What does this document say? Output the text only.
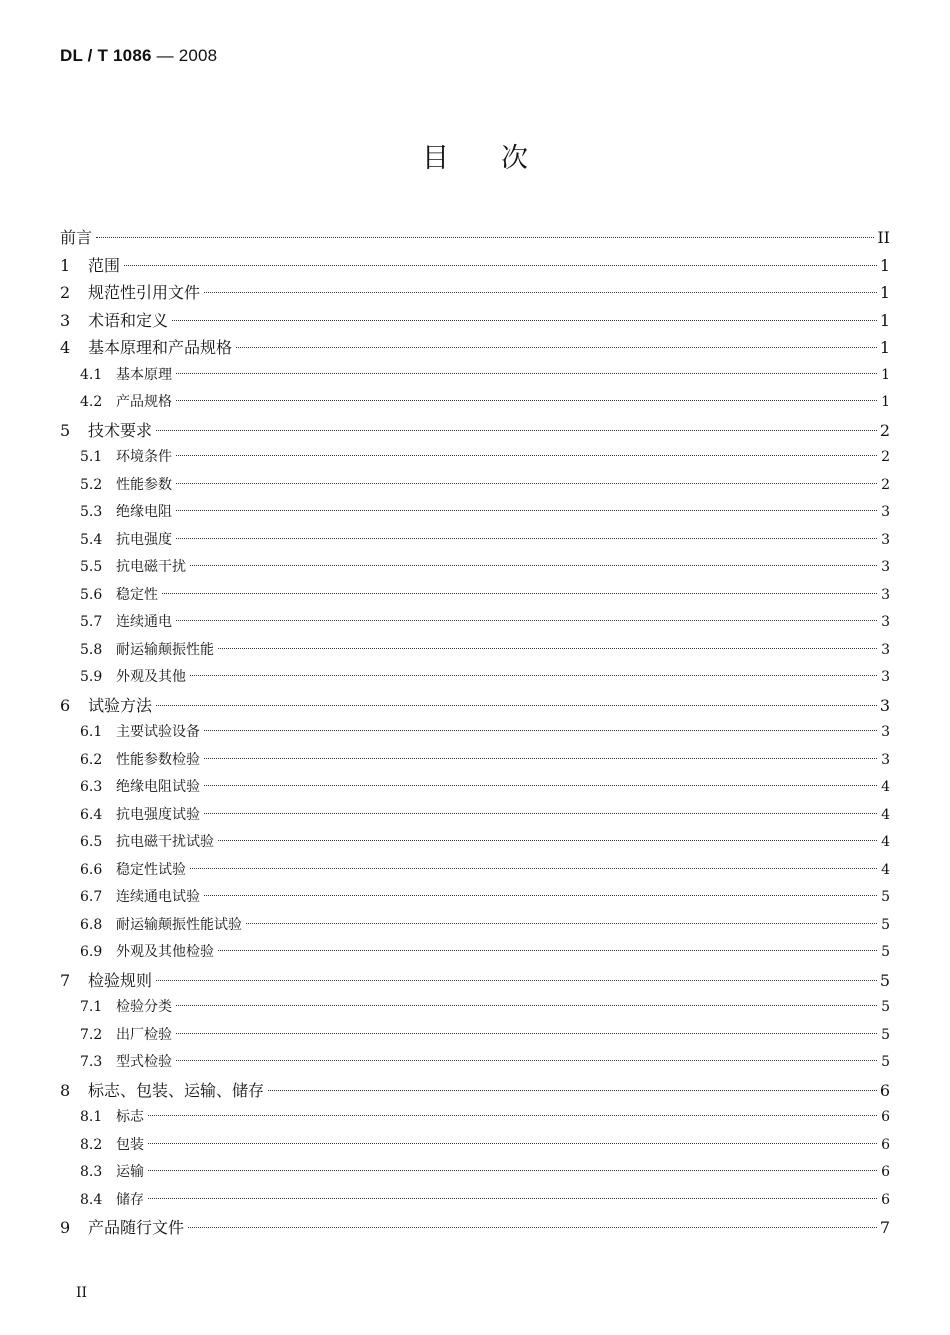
DL / T 1086 — 2008
目次
前言	II
1	范围	1
2	规范性引用文件	1
3	术语和定义	1
4	基本原理和产品规格	1
4.1 基本原理	1
4.2 产品规格	1
5	技术要求	2
5.1 环境条件	2
5.2 性能参数	2
5.3 绝缘电阻	3
5.4 抗电强度	3
5.5 抗电磁干扰	3
5.6 稳定性	3
5.7 连续通电	3
5.8 耐运输颠振性能	3
5.9 外观及其他	3
6	试验方法	3
6.1 主要试验设备	3
6.2 性能参数检验	3
6.3 绝缘电阻试验	4
6.4 抗电强度试验	4
6.5 抗电磁干扰试验	4
6.6 稳定性试验	4
6.7 连续通电试验	5
6.8 耐运输颠振性能试验	5
6.9 外观及其他检验	5
7	检验规则	5
7.1 检验分类	5
7.2 出厂检验	5
7.3 型式检验	5
8	标志、包装、运输、储存	6
8.1 标志	6
8.2 包装	6
8.3 运输	6
8.4 储存	6
9	产品随行文件	7
II
